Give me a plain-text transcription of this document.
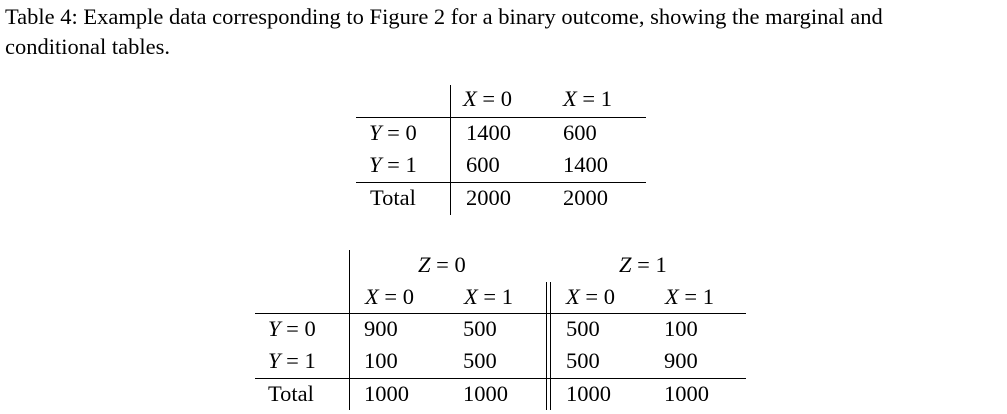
Table 4: Example data corresponding to Figure 2 for a binary outcome, showing the marginal and
conditional tables.
X = 0 X = 1
Y = 0 1400 600
Y = 1 600	1400
Total 2000 2000
Z = 0	Z = 1
X = 0 X = 1 X = 0 X = 1
Y = 0 900	500	500	100
Y = 1 100	500	500	900
Total 1000 1000	1000 1000
